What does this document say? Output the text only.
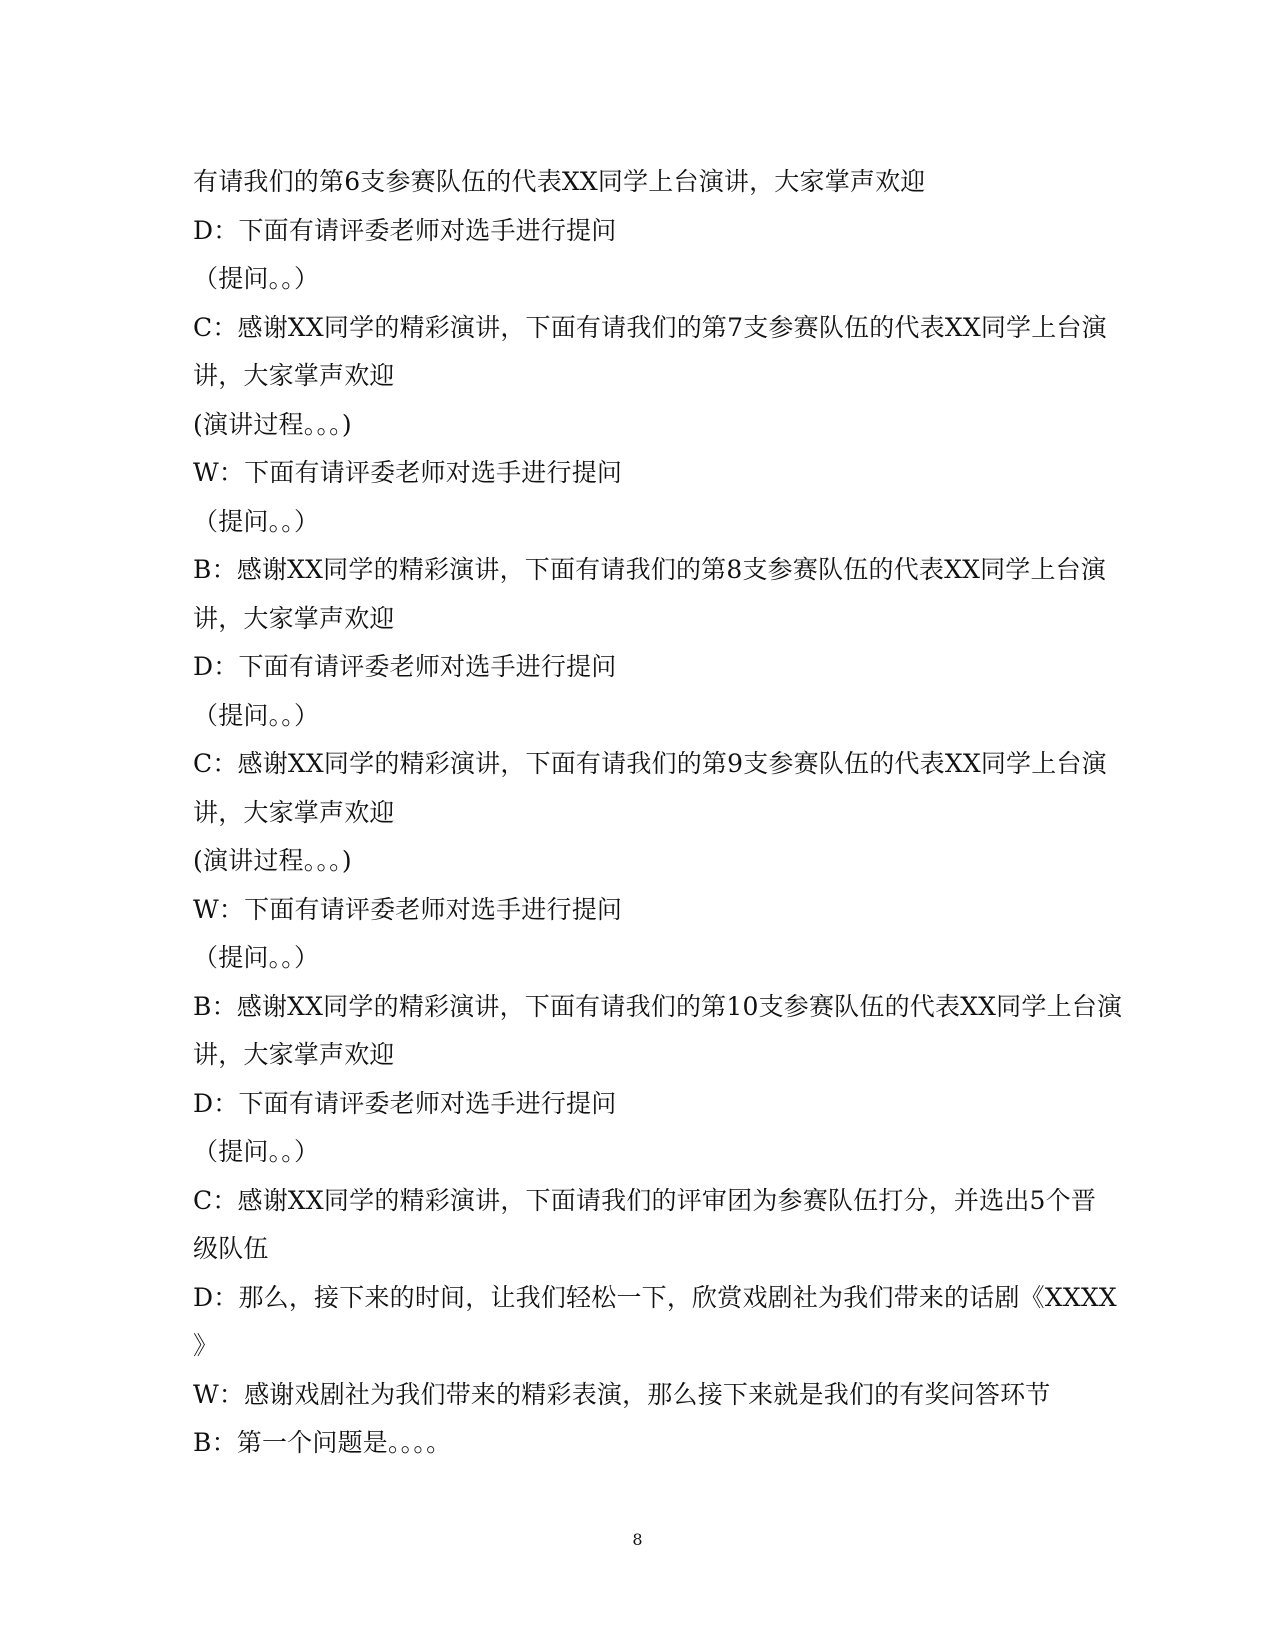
有请我们的第6支参赛队伍的代表XX同学上台演讲，大家掌声欢迎
D：下面有请评委老师对选手进行提问
（提问。。）
C：感谢XX同学的精彩演讲，下面有请我们的第7支参赛队伍的代表XX同学上台演
讲，大家掌声欢迎
(演讲过程。。。)
W：下面有请评委老师对选手进行提问
（提问。。）
B：感谢XX同学的精彩演讲，下面有请我们的第8支参赛队伍的代表XX同学上台演
讲，大家掌声欢迎
D：下面有请评委老师对选手进行提问
（提问。。）
C：感谢XX同学的精彩演讲，下面有请我们的第9支参赛队伍的代表XX同学上台演
讲，大家掌声欢迎
(演讲过程。。。)
W：下面有请评委老师对选手进行提问
（提问。。）
B：感谢XX同学的精彩演讲，下面有请我们的第10支参赛队伍的代表XX同学上台演
讲，大家掌声欢迎
D：下面有请评委老师对选手进行提问
（提问。。）
C：感谢XX同学的精彩演讲，下面请我们的评审团为参赛队伍打分，并选出5个晋
级队伍
D：那么，接下来的时间，让我们轻松一下，欣赏戏剧社为我们带来的话剧《XXXX
》
W：感谢戏剧社为我们带来的精彩表演，那么接下来就是我们的有奖问答环节
B：第一个问题是。。。。
8
